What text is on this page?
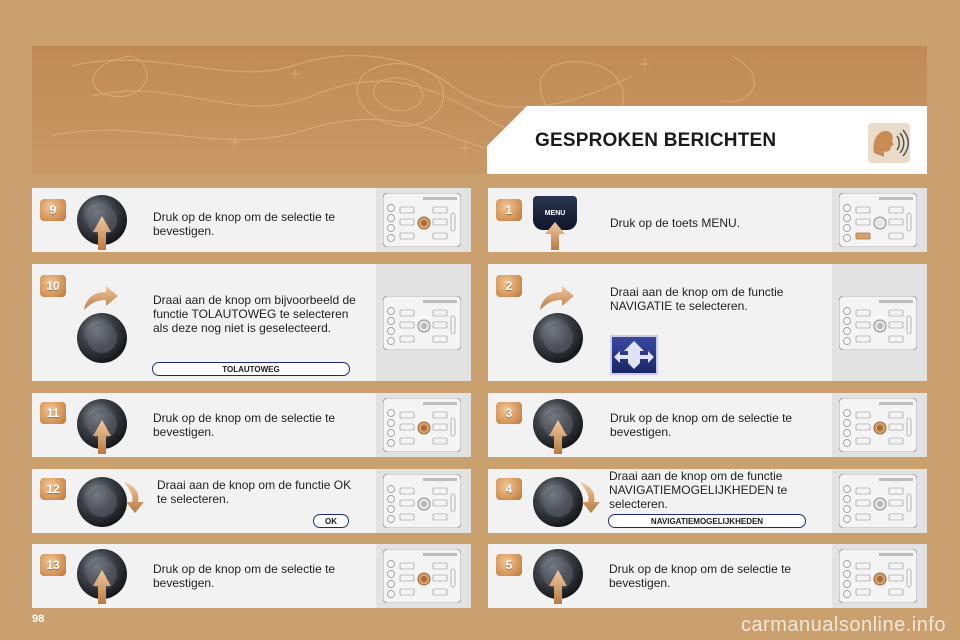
GESPROKEN BERICHTEN
9	Druk op de knop om de selectie te
bevestigen.
10
Draai aan de knop om bijvoorbeeld de
functie TOLAUTOWEG te selecteren
als deze nog niet is geselecteerd.
TOLAUTOWEG
11	Druk op de knop om de selectie te
bevestigen.
12	Draai aan de knop om de functie OK
te selecteren.
OK
13	Druk op de knop om de selectie te
bevestigen.
1	MENU
Druk op de toets MENU.
2	Draai aan de knop om de functie
NAVIGATIE te selecteren.
3	Druk op de knop om de selectie te
bevestigen.
4
Draai aan de knop om de functie
NAVIGATIEMOGELIJKHEDEN te
selecteren.
NAVIGATIEMOGELIJKHEDEN
5	Druk op de knop om de selectie te
bevestigen.
98	carmanualsonline.info
